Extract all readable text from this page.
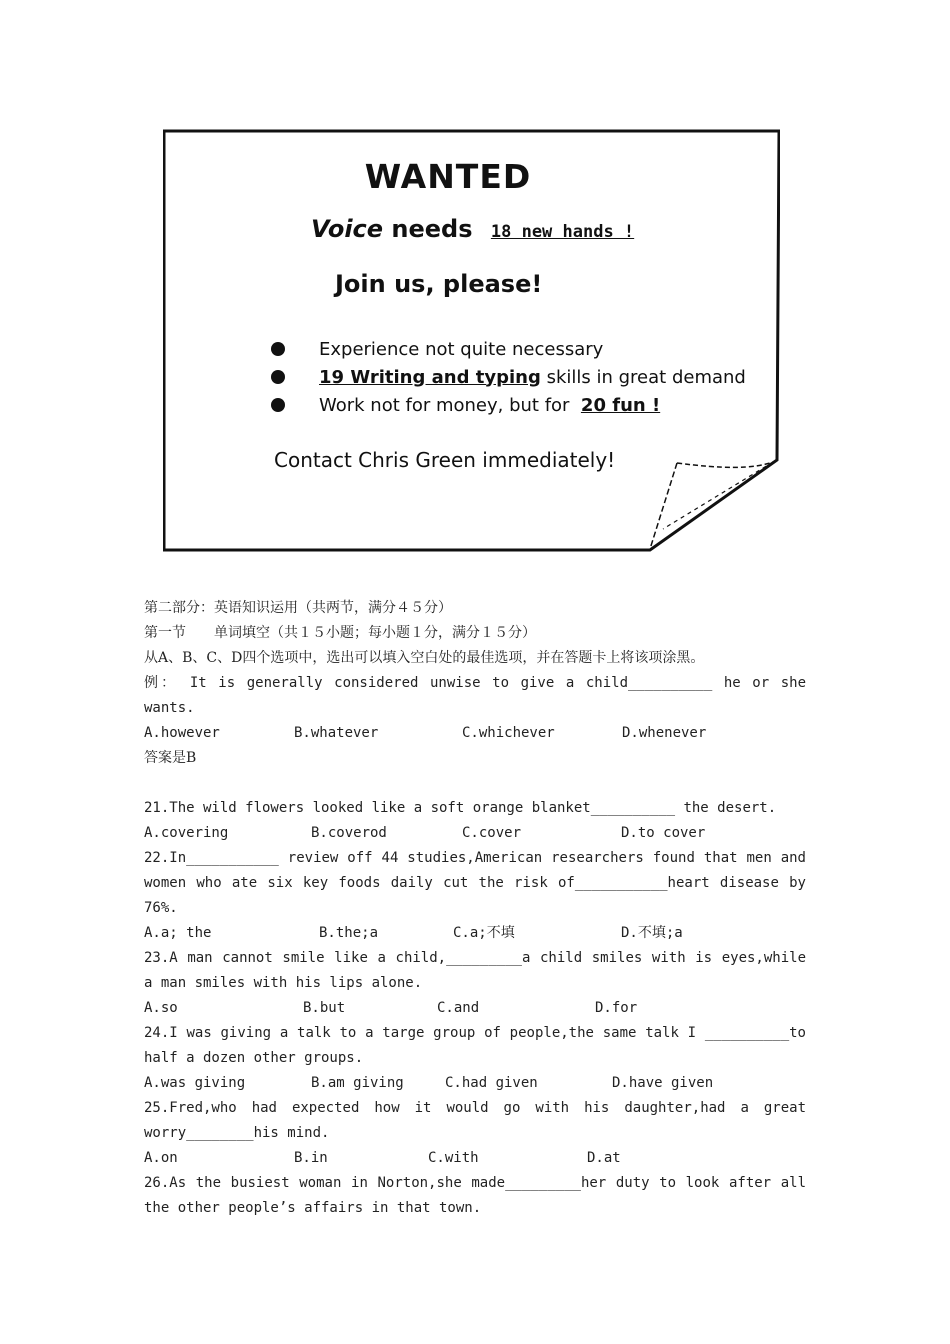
WANTED
Voice needs 18 new hands !
Join us, please!
Experience not quite necessary
19 Writing and typing
skills in great demand
Work not for money, but for
20 fun !
Contact Chris Green immediately!
第二部分：英语知识运用（共两节，满分４５分）
第一节　　单词填空（共１５小题；每小题１分，满分１５分）
从A、B、C、D四个选项中，选出可以填入空白处的最佳选项，并在答题卡上将该项涂黑。
例： It is generally considered unwise to give a child__________ he or she wants.
A.however	B.whatever	C.whichever	D.whenever
答案是B
21.The wild flowers looked like a soft orange blanket__________ the desert.
A.covering	B.coverod	C.cover	D.to cover
22.In___________ review off 44 studies,American researchers found that men and women who ate six key foods daily cut the risk of___________heart disease by 76%.
A.a; the	B.the;a	C.a;不填	D.不填;a
23.A man cannot smile like a child,_________a child smiles with is eyes,while a man smiles with his lips alone.
A.so	B.but	C.and	D.for
24.I was giving a talk to a targe group of people,the same talk I __________to half a dozen other groups.
A.was giving	B.am giving	C.had given	D.have given
25.Fred,who had expected how it would go with his daughter,had a great worry________his mind.
A.on	B.in	C.with	D.at
26.As the busiest woman in Norton,she made_________her duty to look after all the other people’s affairs in that town.
